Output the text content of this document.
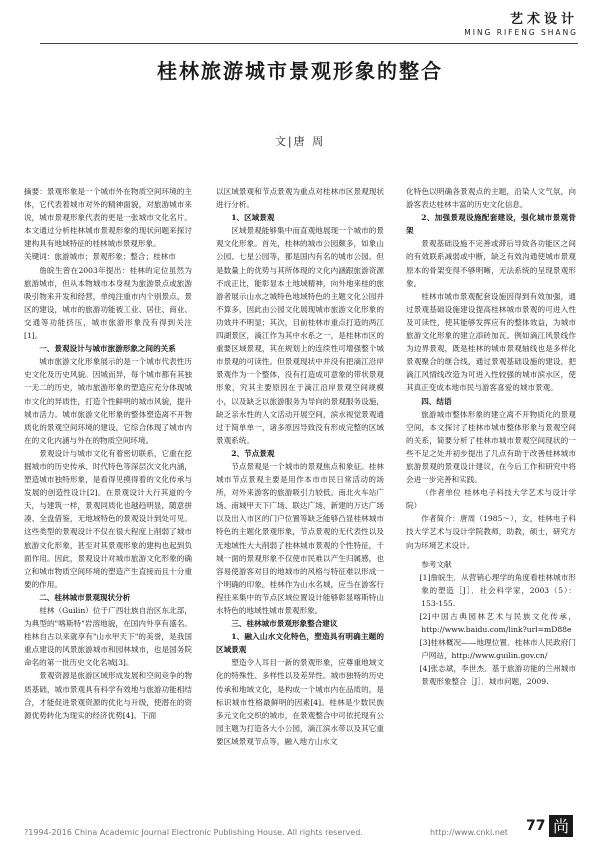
艺术设计
MING RIFENG SHANG
桂林旅游城市景观形象的整合
文|唐 周

摘要：景观形象是一个城市外在物质空间环境的主体，它代表着城市对外的精神面貌，对旅游城市来说，城市景观形象代表的更是一张城市文化名片。本文通过分析桂林城市景观形象的现状问题来探讨建构具有地域特征的桂林城市景观形象。

关键词：旅游城市；景观形象；整合；桂林市

詹皖生曾在2003年提出：桂林的定位虽然为旅游城市，但从本物城市本身视为旅游景点或旅游吸引物来开发和经营，单纯注重市内个别景点、景区的建设，城市的旅游功能被工业、居住、商业、交通等功能挤压，城市旅游形象没有得到关注[1]。

一、景观设计与城市旅游形象之间的关系

城市旅游文化形象展示的是一个城市代表性历史文化及历史风貌。因城而异，每个城市都有其独一无二的历史，城市旅游形象的塑造应充分体现城市文化的异质性，打造个性鲜明的城市风貌，提升城市活力。城市旅游文化形象的整体塑造离不开物质化的景观空间环境的建设，它综合体现了城市内在的文化内涵与外在的物质空间环境。

景观设计与城市文化有着密切联系，它重在挖掘城市的历史传承、时代特色等深层次文化内涵，塑造城市独特形象，是看得见摸得着的文化传承与发展的创造性设计[2]。在景观设计大行其道的今天，与建筑一样，景观同质化也越趋明显，随意拼凑、全盘借鉴，无地域特色的景观设计到处可见。这些类型的景观设计不仅在很大程度上削弱了城市旅游文化形象，甚至对其景观形象的建构也起到负面作用。因此，景观设计对城市旅游文化形象的确立和城市物质空间环境的塑造产生直接而且十分重要的作用。

二、桂林城市景观现状分析

桂林（Guilin）位于广西壮族自治区东北部，为典型的"喀斯特"岩溶地貌，在国内外享有盛名。桂林自古以来就享有"山水甲天下"的美誉，是我国重点建设的风景旅游城市和园林城市，也是国务院命名的第一批历史文化名城[3]。

景观资源是旅游区域形成发展和空间竞争的物质基础，城市景观具有科学有效地与旅游功能相结合，才能促进景观资源的优化与升级，使潜在的资源优势转化为现实的经济优势[4]。下面

以区域景观和节点景观为重点对桂林市区景观现状进行分析。

1、区域景观

区域景观能够集中而直观地展现一个城市的景观文化形象。首先，桂林的城市公园颇多，如象山公园、七星公园等，都是国内有名的城市公园。但是数量上的优势与其所体现的文化内涵跟旅游资源不成正比，能彰显本土地域精神，向外地来桂的旅游者展示山水之城特色地域特色的主题文化公园并不算多，因此由公园文化展现城市旅游文化形象的功效并不明显；其次，目前桂林市重点打造的两江四湖景区，滴江作为其中水系之一，是桂林市区的重要区域景观，其在规划上的连续性可增强整个城市景观的可读性。但景观现状中并没有把滴江沿岸景观作为一个整体，没有打造成可意象的带状景观形象，究其主要原因在于滴江沿岸景观空间规模小，以及缺乏以旅游服务为导向的景观服务设施，缺乏亲水性的人文活动开展空间，滨水视觉景观通过于简单单一，诸多原因导致没有形成完整的区域景观系统。

2、节点景观

节点景观是一个城市的景观焦点和象征。桂林城市节点景观主要是用作本市市民日常活动的场所，对外来游客的旅游吸引力较低。南北火车站广场、南城甲天下广场、联达广场、新建的万达广场以及出入市区的门户位置等缺乏能够凸显桂林城市特色的主题化景观形象，节点景观的无代表性以及无地域性大大削弱了桂林城市景观的个性特征，千城一面的景观形象不仅使市民难以产生归属感，也容易使游客对目的地城市的风格与特征难以形成一个明确的印象。桂林作为山水名城，应当在游客行程往来集中的节点区域位置设计能够彰显喀斯特山水特色的地域性城市景观形象。

三、桂林城市景观形象整合建议

1、融入山水文化特色，塑造具有明确主题的区域景观

塑造令人耳目一新的景观形象，应尊重地域文化的特殊性、多样性以及差异性。城市独特的历史传承和地域文化，是构成一个城市内在品质的，是标识城市性格最鲜明的因素[4]。桂林是少数民族多元文化交织的城市，在景观整合中可依托现有公园主题为打造各大小公园，滴江滨水带以及其它重要区域景观节点等，融入地方山水文

化特色以明确各景观点的主题，沿染人文气氛，向游客表达桂林丰富的历史文化信息。

2、加强景观设施配套建设，强化城市景观骨架

景观基础设施不完善或滞后导致各功能区之间的有效联系减弱或中断，缺乏有效沟通使城市景观原本的骨架变得不够明晰，无法系统的呈现景观形象。

桂林市城市景观配套设施因得到有效加强，通过景观基础设施建设提高桂林城市景观的可进入性及可读性，使其能够发挥应有的整体效益，为城市旅游文化形象的建立添砖加瓦。例如滴江风景线作为边界景观，既是桂林的城市景观轴线也是多样化景观聚合的继合线，通过景观基础设施的建设，把滴江风情线改造为可进入性较强的城市滨水区，使其真正变成本地市民与游客喜爱的城市景观。

四、结语

旅游城市整体形象的建立离不开物质化的景观空间，本文探讨了桂林市城市整体形象与景观空间的关系，简要分析了桂林市城市景观空间现状的一些不足之处并初步提出了几点有助于改善桂林城市旅游景观的景观设计建议，在今后工作和研究中将会进一步完善和实践。

（作者单位 桂林电子科技大学艺术与设计学院）

作者简介：唐周（1985～），女，桂林电子科技大学艺术与设计学院教师，助教，硕士，研究方向为环境艺术设计。

参考文献

[1]詹皖生．从营销心理学的角度看桂林城市形象的塑造［J］．社会科学家，2003（5）：153-155.

[2]中国古典园林艺术与民族文化传承，http://www.baidu.com/link?url=mD88e

[3]桂林概况——地理位置．桂林市人民政府门户网站，http://www.guilin.gov.cn/

[4]张志斌，李世杰．基于旅游功能的兰州城市景观形象整合［J］．城市问题，2009.

?1994-2016 China Academic Journal Electronic Publishing House. All rights reserved.	http://www.cnki.net 77 尚
